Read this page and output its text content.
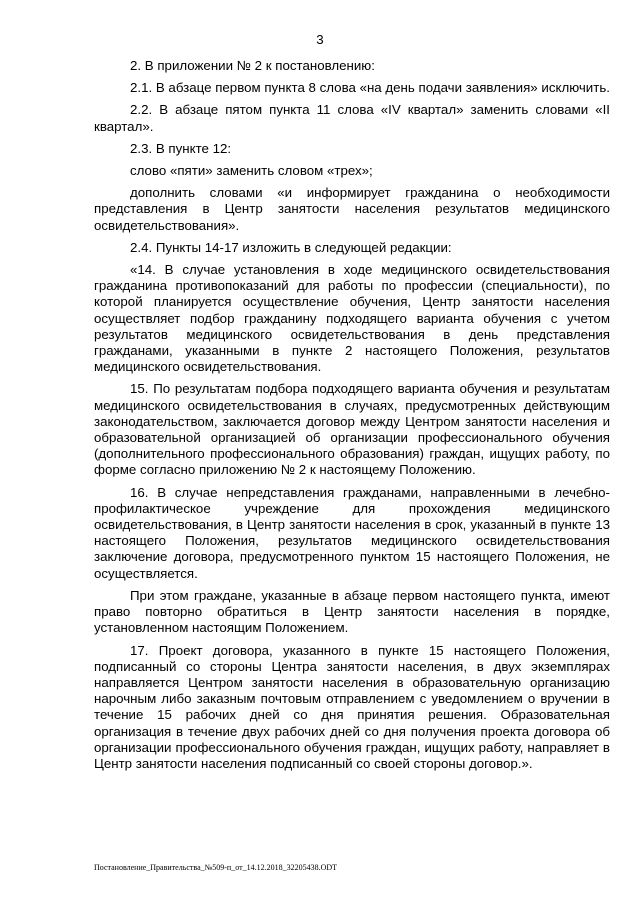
3

2. В приложении № 2 к постановлению:

2.1. В абзаце первом пункта 8 слова «на день подачи заявления» исключить.

2.2. В абзаце пятом пункта 11 слова «IV квартал» заменить словами «II квартал».

2.3. В пункте 12:

слово «пяти» заменить словом «трех»;

дополнить словами «и информирует гражданина о необходимости представления в Центр занятости населения результатов медицинского освидетельствования».

2.4. Пункты 14-17 изложить в следующей редакции:

«14. В случае установления в ходе медицинского освидетельствования гражданина противопоказаний для работы по профессии (специальности), по которой планируется осуществление обучения, Центр занятости населения осуществляет подбор гражданину подходящего варианта обучения с учетом результатов медицинского освидетельствования в день представления гражданами, указанными в пункте 2 настоящего Положения, результатов медицинского освидетельствования.

15. По результатам подбора подходящего варианта обучения и результатам медицинского освидетельствования в случаях, предусмотренных действующим законодательством, заключается договор между Центром занятости населения и образовательной организацией об организации профессионального обучения (дополнительного профессионального образования) граждан, ищущих работу, по форме согласно приложению № 2 к настоящему Положению.

16. В случае непредставления гражданами, направленными в лечебно-профилактическое учреждение для прохождения медицинского освидетельствования, в Центр занятости населения в срок, указанный в пункте 13 настоящего Положения, результатов медицинского освидетельствования заключение договора, предусмотренного пунктом 15 настоящего Положения, не осуществляется.

При этом граждане, указанные в абзаце первом настоящего пункта, имеют право повторно обратиться в Центр занятости населения в порядке, установленном настоящим Положением.

17. Проект договора, указанного в пункте 15 настоящего Положения, подписанный со стороны Центра занятости населения, в двух экземплярах направляется Центром занятости населения в образовательную организацию нарочным либо заказным почтовым отправлением с уведомлением о вручении в течение 15 рабочих дней со дня принятия решения. Образовательная организация в течение двух рабочих дней со дня получения проекта договора об организации профессионального обучения граждан, ищущих работу, направляет в Центр занятости населения подписанный со своей стороны договор.».

Постановление_Правительства_№509-п_от_14.12.2018_32205438.ODT
